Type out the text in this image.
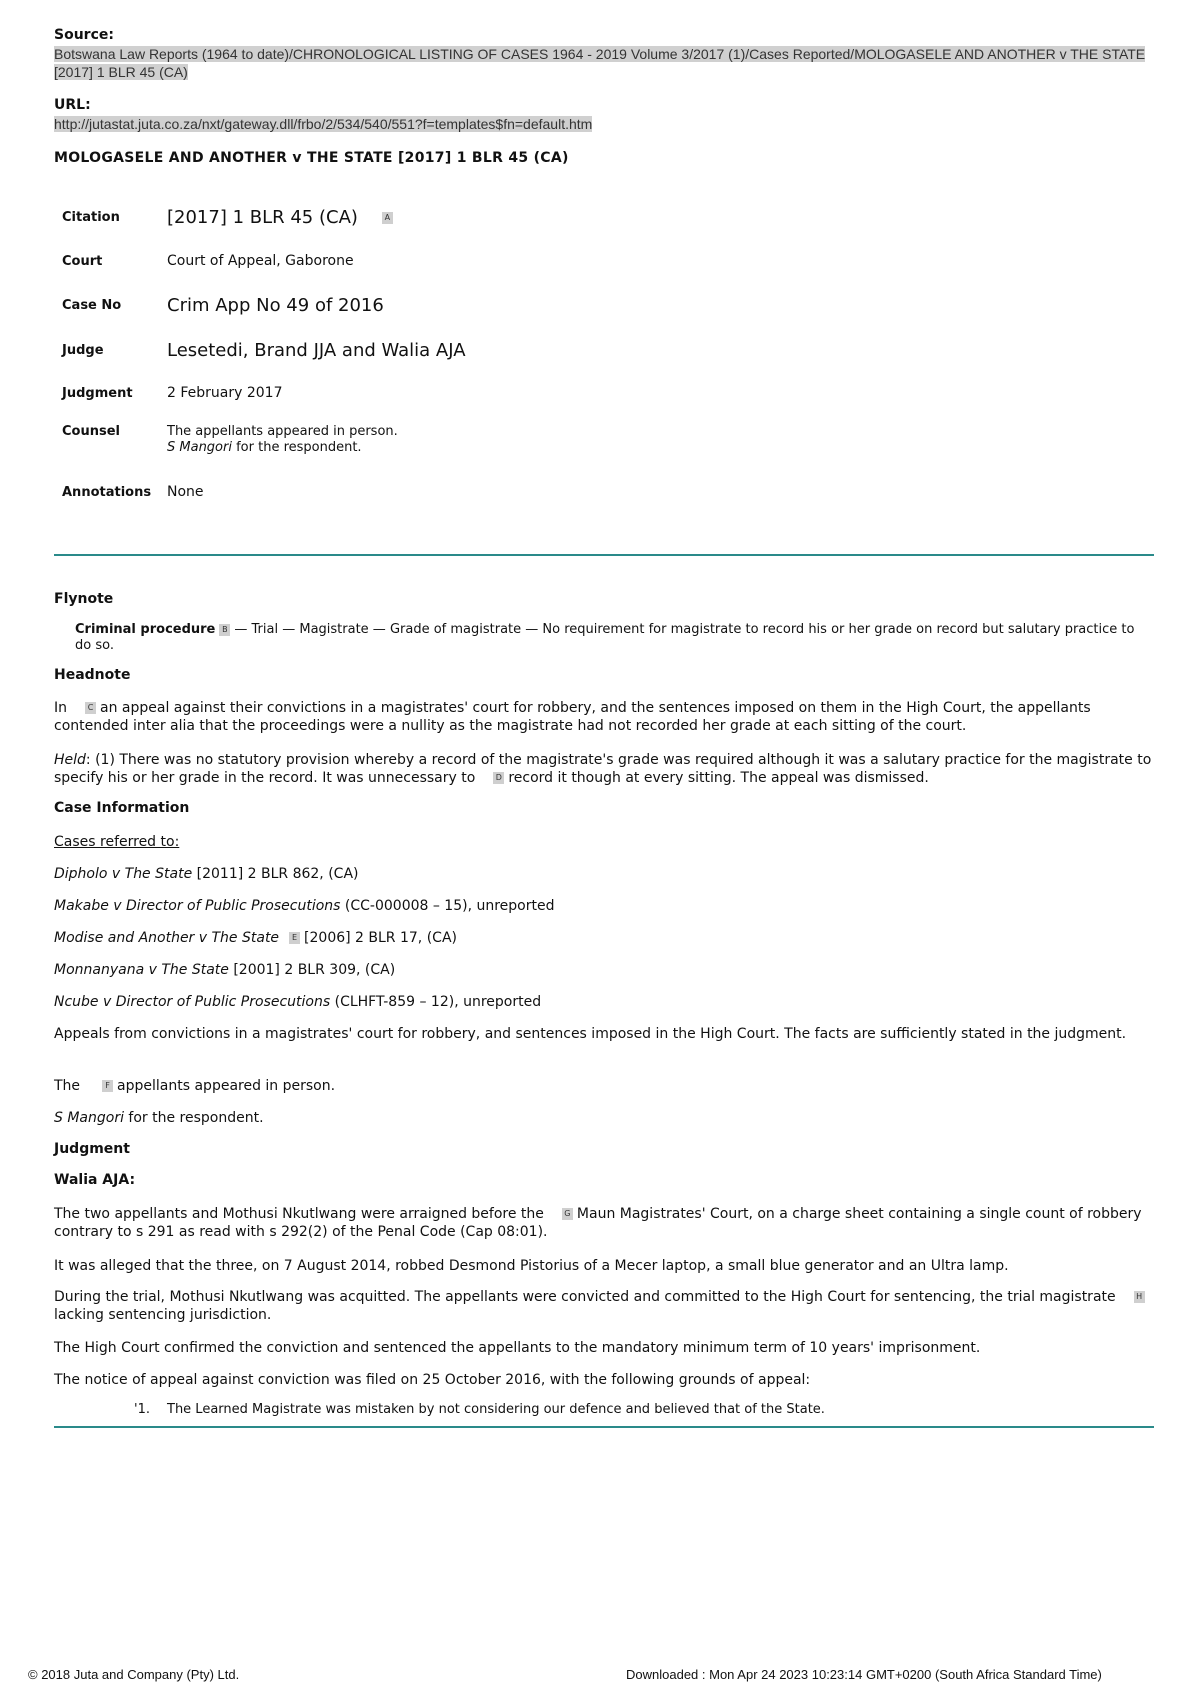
Source:
Botswana Law Reports (1964 to date)/CHRONOLOGICAL LISTING OF CASES 1964 - 2019 Volume 3/2017 (1)/Cases Reported/MOLOGASELE AND ANOTHER v THE STATE [2017] 1 BLR 45 (CA)
URL:
http://jutastat.juta.co.za/nxt/gateway.dll/frbo/2/534/540/551?f=templates$fn=default.htm
MOLOGASELE AND ANOTHER v THE STATE [2017] 1 BLR 45 (CA)
Citation	[2017] 1 BLR 45 (CA) A
Court	Court of Appeal, Gaborone
Case No	Crim App No 49 of 2016
Judge	Lesetedi, Brand JJA and Walia AJA
Judgment	2 February 2017
Counsel	The appellants appeared in person.
S Mangori for the respondent.

Annotations	None
Flynote
Criminal procedure B — Trial — Magistrate — Grade of magistrate — No requirement for magistrate to record his or her grade on record but salutary practice to do so.
Headnote

In	C an appeal against their convictions in a magistrates' court for robbery, and the sentences imposed on them in the High Court, the appellants contended inter alia that the proceedings were a nullity as the magistrate had not recorded her grade at each sitting of the court.

Held: (1) There was no statutory provision whereby a record of the magistrate's grade was required although it was a salutary practice for the magistrate to specify his or her grade in the record. It was unnecessary to	D record it though at every sitting. The appeal was dismissed.

Case Information

Cases referred to:

Dipholo v The State [2011] 2 BLR 862, (CA)

Makabe v Director of Public Prosecutions (CC-000008 – 15), unreported

Modise and Another v The State E [2006] 2 BLR 17, (CA)

Monnanyana v The State [2001] 2 BLR 309, (CA)

Ncube v Director of Public Prosecutions (CLHFT-859 – 12), unreported

Appeals from convictions in a magistrates' court for robbery, and sentences imposed in the High Court. The facts are sufficiently stated in the judgment.

The	F appellants appeared in person.

S Mangori for the respondent.

Judgment
Walia AJA:

The two appellants and Mothusi Nkutlwang were arraigned before the	G Maun Magistrates' Court, on a charge sheet containing a single count of robbery contrary to s 291 as read with s 292(2) of the Penal Code (Cap 08:01).

It was alleged that the three, on 7 August 2014, robbed Desmond Pistorius of a Mecer laptop, a small blue generator and an Ultra lamp.

During the trial, Mothusi Nkutlwang was acquitted. The appellants were convicted and committed to the High Court for sentencing, the trial magistrate	Hlacking sentencing jurisdiction.

The High Court confirmed the conviction and sentenced the appellants to the mandatory minimum term of 10 years' imprisonment.

The notice of appeal against conviction was filed on 25 October 2016, with the following grounds of appeal:

'1. The Learned Magistrate was mistaken by not considering our defence and believed that of the State.
© 2018 Juta and Company (Pty) Ltd.	Downloaded : Mon Apr 24 2023 10:23:14 GMT+0200 (South Africa Standard Time)
